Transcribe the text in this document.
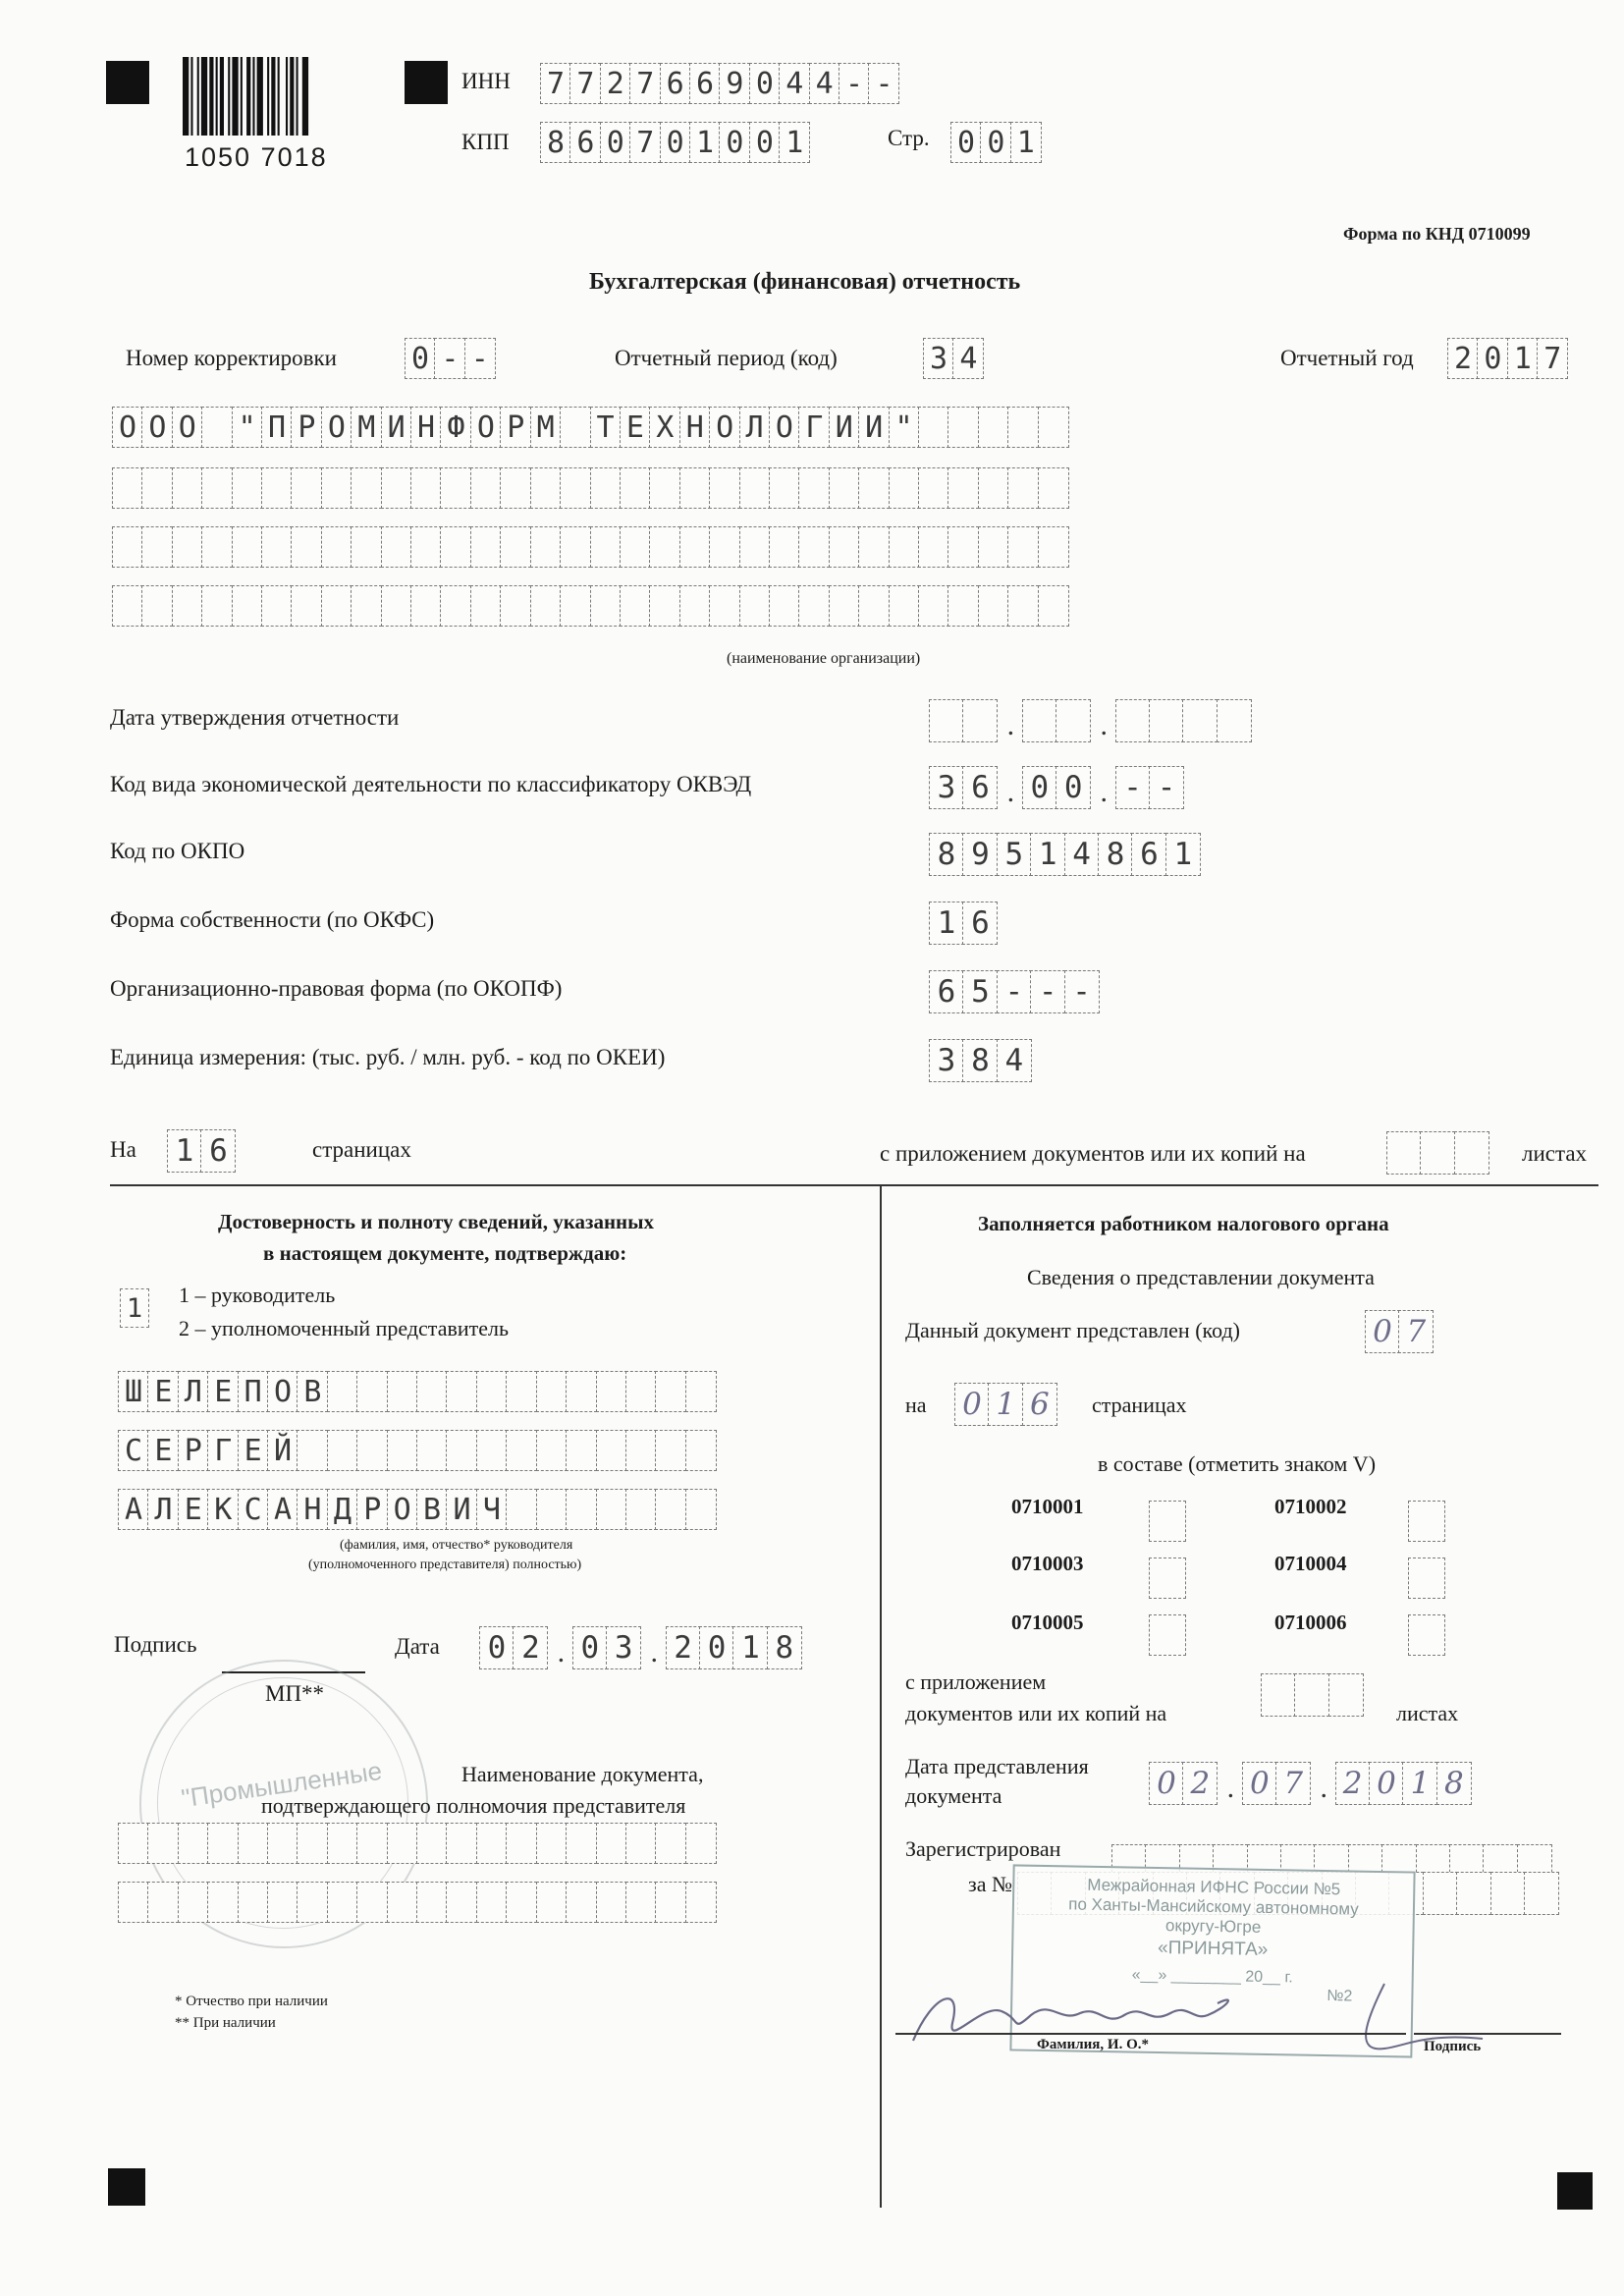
1050 7018
ИНН 7 7 2 7 6 6 9 0 4 4 - -
КПП 8 6 0 7 0 1 0 0 1	Стр. 0 0 1
Форма по КНД 0710099
Бухгалтерская (финансовая) отчетность
Номер корректировки	0 - -	Отчетный период (код)	3 4	Отчетный год 2 0 1 7
О О О " П Р О М И Н Ф О Р М Т Е Х Н О Л О Г И И "
(наименование организации)
Дата утверждения отчетности	.	.
Код вида экономической деятельности по классификатору ОКВЭД	3 6 . 0 0 . - -
Код по ОКПО	8 9 5 1 4 8 6 1
Форма собственности (по ОКФС)	1 6
Организационно-правовая форма (по ОКОПФ)	6 5 - - -
Единица измерения: (тыс. руб. / млн. руб. - код по ОКЕИ)	3 8 4
На 1 6	страницах	с приложением документов или их копий на	листах
Достоверность и полноту сведений, указанных
в настоящем документе, подтверждаю:
1	1 – руководитель
2 – уполномоченный представитель
Ш Е Л Е П О В
С Е Р Г Е Й
А Л Е К С А Н Д Р О В И Ч
(фамилия, имя, отчество* руководителя
(уполномоченного представителя) полностью)
Подпись	Дата 0 2 . 0 3 . 2 0 1 8
МП**
"Промышленные	Наименование документа,
подтверждающего полномочия представителя
* Отчество при наличии
** При наличии
Заполняется работником налогового органа
Сведения о представлении документа
Данный документ представлен (код)	0 7
на 0 1 6	страницах
в составе (отметить знаком V)
0710001	0710002
0710003	0710004
0710005	0710006
с приложением
документов или их копий на	листах
Дата представления
документа	0 2 . 0 7 . 2 0 1 8
Зарегистрирован
за №	Межрайонная ИФНС России №5
по Ханты-Мансийскому автономному
округу-Югре
«ПРИНЯТА»
«__» ________ 20__ г.
№2
Фамилия, И. О.*	Подпись
